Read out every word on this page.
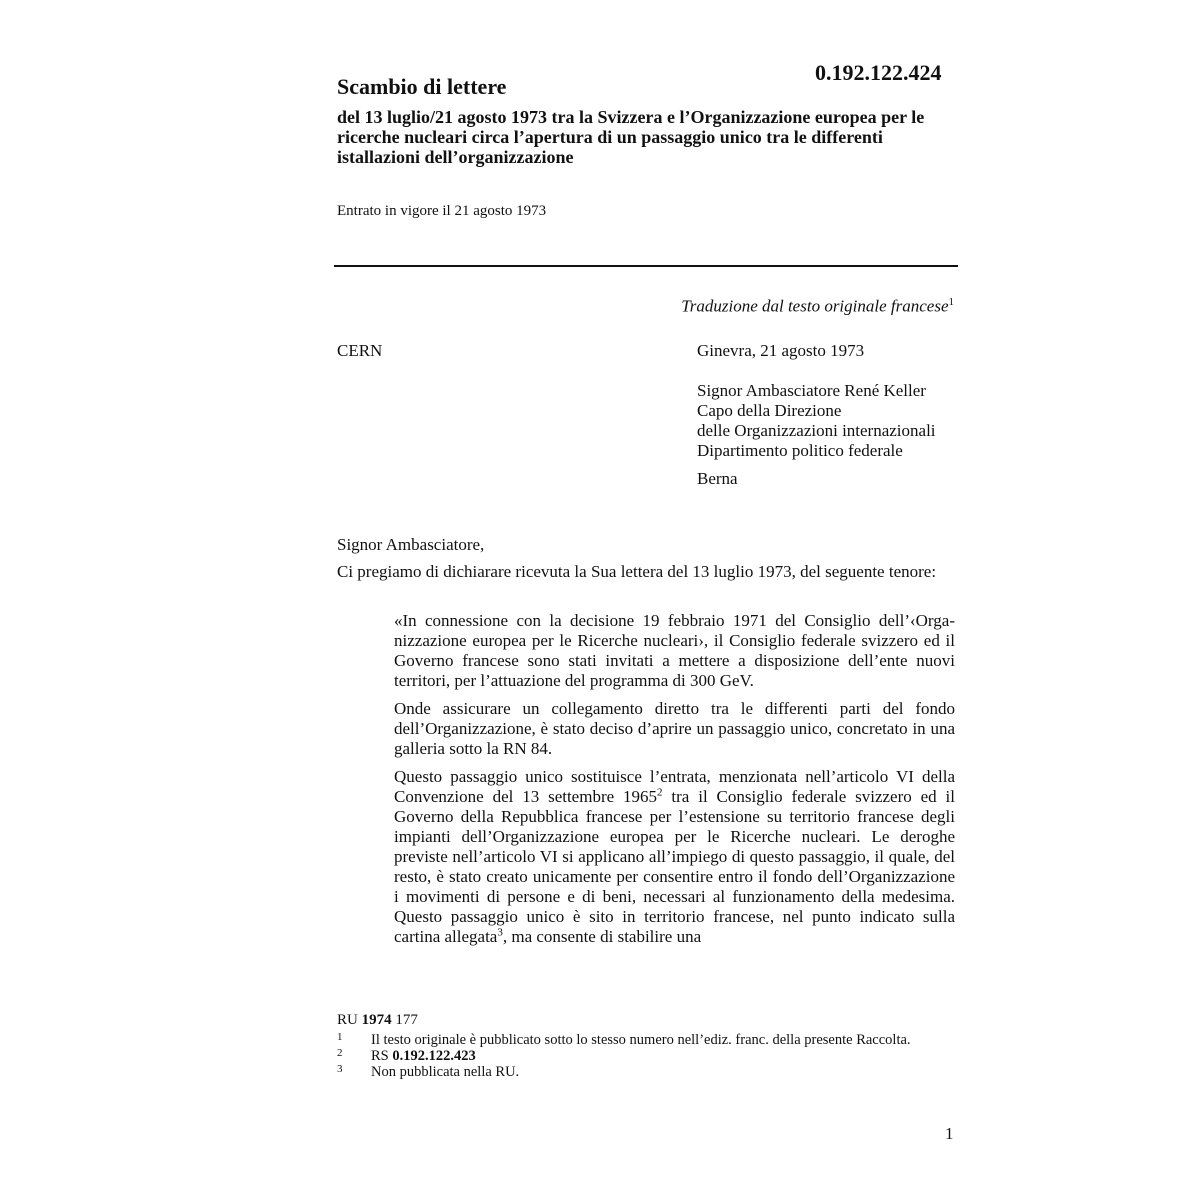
0.192.122.424
Scambio di lettere
del 13 luglio/21 agosto 1973 tra la Svizzera e l’Organizzazione europea per le ricerche nucleari circa l’apertura di un passaggio unico tra le differenti istallazioni dell’organizzazione
Entrato in vigore il 21 agosto 1973
Traduzione dal testo originale francese$^1$
CERN	Ginevra, 21 agosto 1973
Signor Ambasciatore René Keller
Capo della Direzione
delle Organizzazioni internazionali
Dipartimento politico federale
Berna
Signor Ambasciatore,
Ci pregiamo di dichiarare ricevuta la Sua lettera del 13 luglio 1973, del seguente tenore:

«In connessione con la decisione 19 febbraio 1971 del Consiglio dell’‹Organizzazione europea per le Ricerche nucleari›, il Consiglio federale svizzero ed il Governo francese sono stati invitati a mettere a disposizione dell’ente nuovi territori, per l’attuazione del programma di 300 GeV.

Onde assicurare un collegamento diretto tra le differenti parti del fondo dell’Organizzazione, è stato deciso d’aprire un passaggio unico, concretato in una galleria sotto la RN 84.

Questo passaggio unico sostituisce l’entrata, menzionata nell’articolo VI della Convenzione del 13 settembre 1965$^2$ tra il Consiglio federale svizzero ed il Governo della Repubblica francese per l’estensione su territorio francese degli impianti dell’Organizzazione europea per le Ricerche nucleari. Le deroghe previste nell’articolo VI si applicano all’impiego di questo passaggio, il quale, del resto, è stato creato unicamente per consentire entro il fondo dell’Organizzazione i movimenti di persone e di beni, necessari al funzionamento della medesima. Questo passaggio unico è sito in territorio francese, nel punto indicato sulla cartina allegata$^3$, ma consente di stabilire una

RU 1974 177
1 Il testo originale è pubblicato sotto lo stesso numero nell’ediz. franc. della presente Raccolta.
2 RS 0.192.122.423
3 Non pubblicata nella RU.
1
